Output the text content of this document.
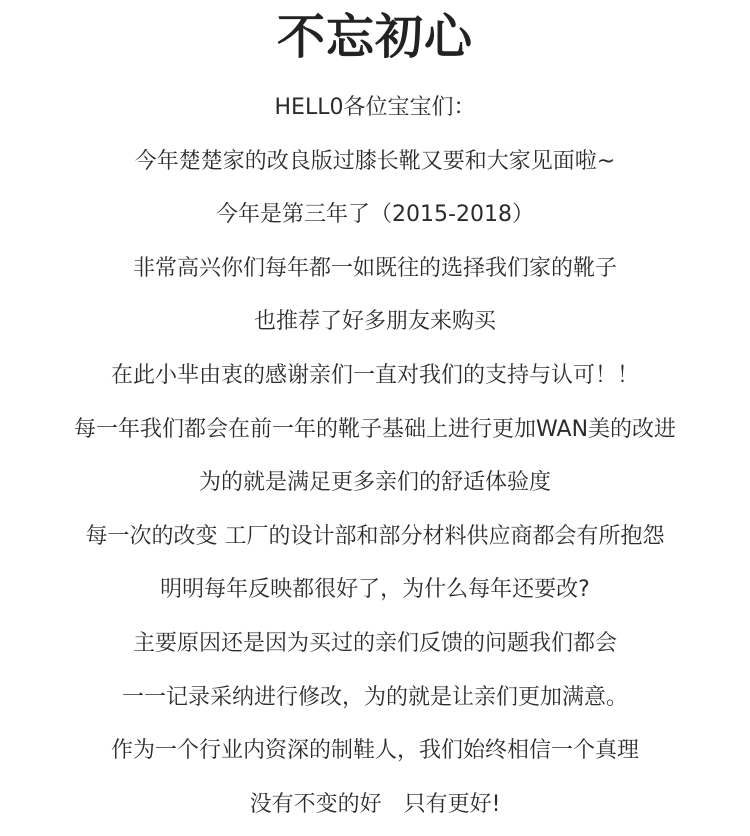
不忘初心
HELL0各位宝宝们：
今年楚楚家的改良版过膝长靴又要和大家见面啦~
今年是第三年了（2015-2018）
非常高兴你们每年都一如既往的选择我们家的靴子
也推荐了好多朋友来购买
在此小芈由衷的感谢亲们一直对我们的支持与认可！！
每一年我们都会在前一年的靴子基础上进行更加WAN美的改进
为的就是满足更多亲们的舒适体验度
每一次的改变 工厂的设计部和部分材料供应商都会有所抱怨
明明每年反映都很好了，为什么每年还要改?
主要原因还是因为买过的亲们反馈的问题我们都会
一一记录采纳进行修改，为的就是让亲们更加满意。
作为一个行业内资深的制鞋人，我们始终相信一个真理
没有不变的好　只有更好!
